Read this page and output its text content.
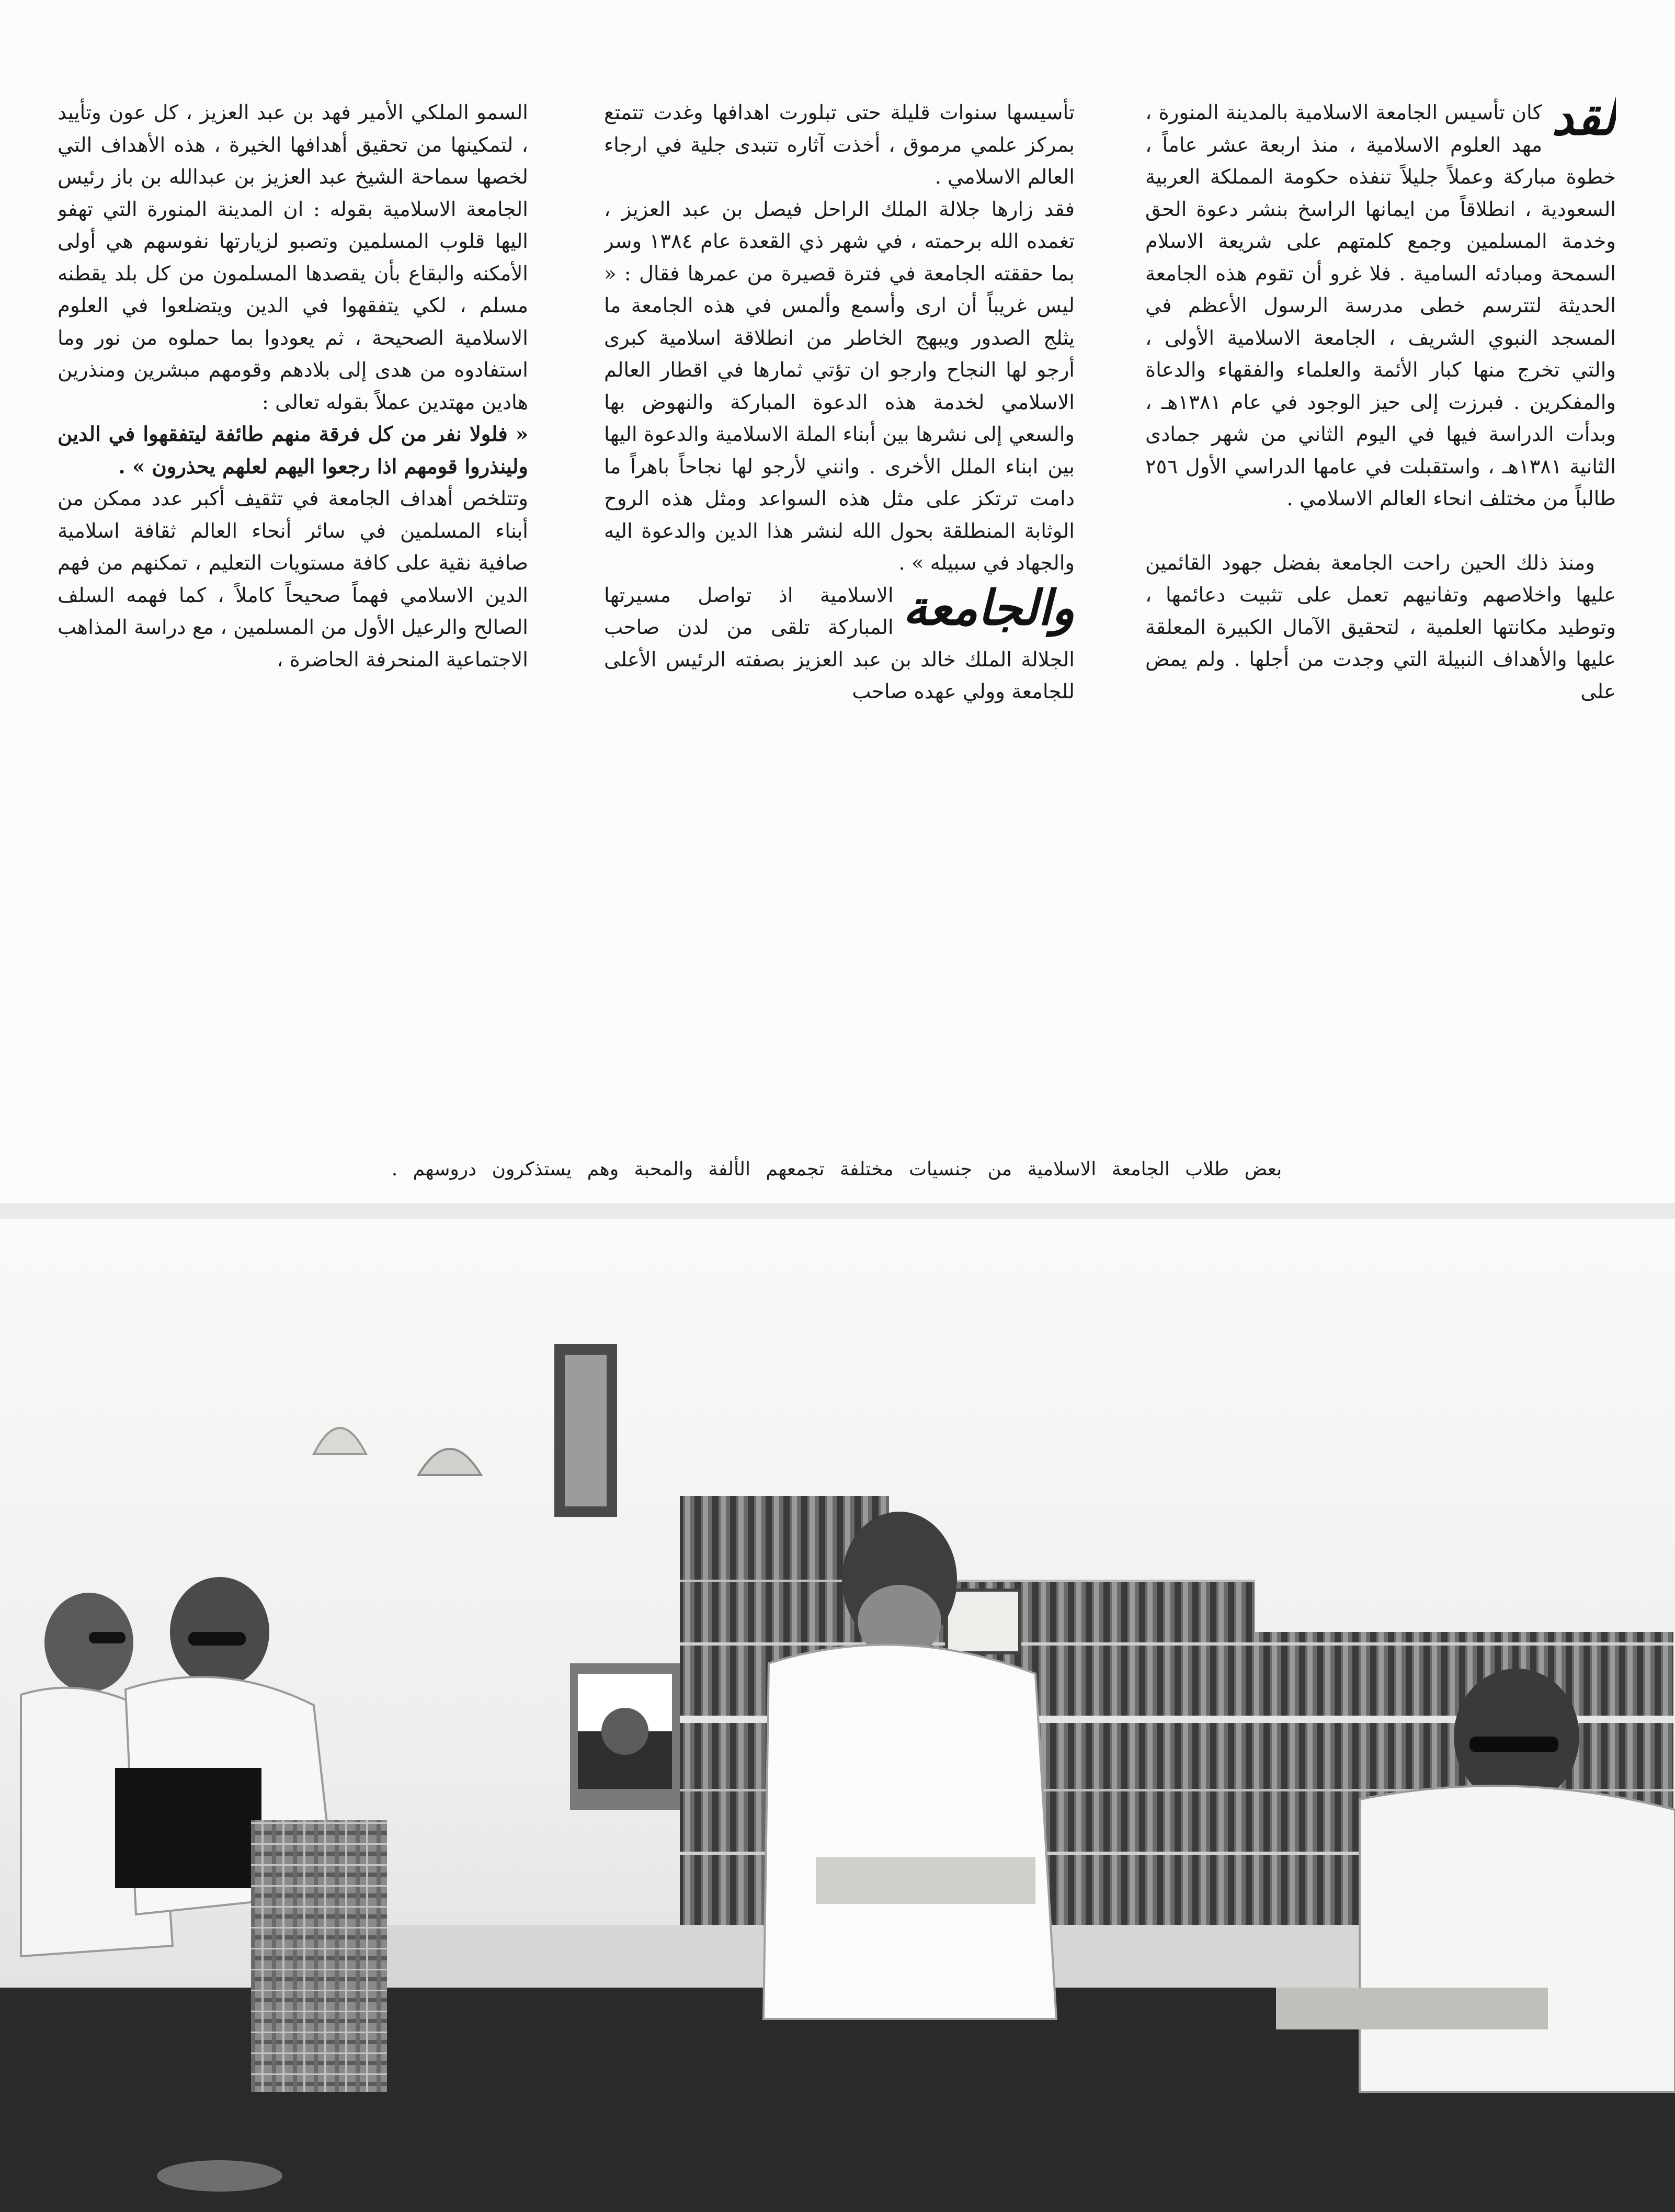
لقد

كان تأسيس الجامعة الاسلامية بالمدينة المنورة ، مهد العلوم الاسلامية ، منذ اربعة عشر عاماً ، خطوة مباركة وعملاً جليلاً تنفذه حكومة المملكة العربية السعودية ، انطلاقاً من ايمانها الراسخ بنشر دعوة الحق وخدمة المسلمين وجمع كلمتهم على شريعة الاسلام السمحة ومبادئه السامية . فلا غرو أن تقوم هذه الجامعة الحديثة لتترسم خطى مدرسة الرسول الأعظم في المسجد النبوي الشريف ، الجامعة الاسلامية الأولى ، والتي تخرج منها كبار الأئمة والعلماء والفقهاء والدعاة والمفكرين . فبرزت إلى حيز الوجود في عام ١٣٨١هـ ، وبدأت الدراسة فيها في اليوم الثاني من شهر جمادى الثانية ١٣٨١هـ ، واستقبلت في عامها الدراسي الأول ٢٥٦ طالباً من مختلف انحاء العالم الاسلامي .

ومنذ ذلك الحين راحت الجامعة بفضل جهود القائمين عليها واخلاصهم وتفانيهم تعمل على تثبيت دعائمها ، وتوطيد مكانتها العلمية ، لتحقيق الآمال الكبيرة المعلقة عليها والأهداف النبيلة التي وجدت من أجلها . ولم يمض على

تأسيسها سنوات قليلة حتى تبلورت اهدافها وغدت تتمتع بمركز علمي مرموق ، أخذت آثاره تتبدى جلية في ارجاء العالم الاسلامي .

فقد زارها جلالة الملك الراحل فيصل بن عبد العزيز ، تغمده الله برحمته ، في شهر ذي القعدة عام ١٣٨٤ وسر بما حققته الجامعة في فترة قصيرة من عمرها فقال : « ليس غريباً أن ارى وأسمع وألمس في هذه الجامعة ما يثلج الصدور ويبهج الخاطر من انطلاقة اسلامية كبرى أرجو لها النجاح وارجو ان تؤتي ثمارها في اقطار العالم الاسلامي لخدمة هذه الدعوة المباركة والنهوض بها والسعي إلى نشرها بين أبناء الملة الاسلامية والدعوة اليها بين ابناء الملل الأخرى . وانني لأرجو لها نجاحاً باهراً ما دامت ترتكز على مثل هذه السواعد ومثل هذه الروح الوثابة المنطلقة بحول الله لنشر هذا الدين والدعوة اليه والجهاد في سبيله » .

والجامعة

الاسلامية اذ تواصل مسيرتها المباركة تلقى من لدن صاحب الجلالة الملك خالد بن عبد العزيز بصفته الرئيس الأعلى للجامعة وولي عهده صاحب

السمو الملكي الأمير فهد بن عبد العزيز ، كل عون وتأييد ، لتمكينها من تحقيق أهدافها الخيرة ، هذه الأهداف التي لخصها سماحة الشيخ عبد العزيز بن عبدالله بن باز رئيس الجامعة الاسلامية بقوله : ان المدينة المنورة التي تهفو اليها قلوب المسلمين وتصبو لزيارتها نفوسهم هي أولى الأمكنه والبقاع بأن يقصدها المسلمون من كل بلد يقطنه مسلم ، لكي يتفقهوا في الدين ويتضلعوا في العلوم الاسلامية الصحيحة ، ثم يعودوا بما حملوه من نور وما استفادوه من هدى إلى بلادهم وقومهم مبشرين ومنذرين هادين مهتدين عملاً بقوله تعالى :

« فلولا نفر من كل فرقة منهم طائفة ليتفقهوا في الدين ولينذروا قومهم اذا رجعوا اليهم لعلهم يحذرون » .

وتتلخص أهداف الجامعة في تثقيف أكبر عدد ممكن من أبناء المسلمين في سائر أنحاء العالم ثقافة اسلامية صافية نقية على كافة مستويات التعليم ، تمكنهم من فهم الدين الاسلامي فهماً صحيحاً كاملاً ، كما فهمه السلف الصالح والرعيل الأول من المسلمين ، مع دراسة المذاهب الاجتماعية المنحرفة الحاضرة ،

بعض طلاب الجامعة الاسلامية من جنسيات مختلفة تجمعهم الألفة والمحبة وهم يستذكرون دروسهم .
